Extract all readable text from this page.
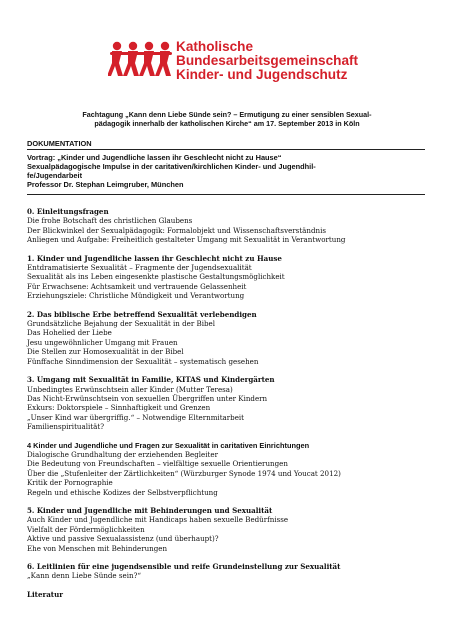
Katholische
Bundesarbeitsgemeinschaft
Kinder- und Jugendschutz
Fachtagung „Kann denn Liebe Sünde sein? – Ermutigung zu einer sensiblen Sexual-
pädagogik innerhalb der katholischen Kirche“ am 17. September 2013 in Köln
DOKUMENTATION
Vortrag: „Kinder und Jugendliche lassen ihr Geschlecht nicht zu Hause“
Sexualpädagogische Impulse in der caritativen/kirchlichen Kinder- und Jugendhil-
fe/Jugendarbeit
Professor Dr. Stephan Leimgruber, München
0. Einleitungsfragen
Die frohe Botschaft des christlichen Glaubens
Der Blickwinkel der Sexualpädagogik: Formalobjekt und Wissenschaftsverständnis
Anliegen und Aufgabe: Freiheitlich gestalteter Umgang mit Sexualität in Verantwortung
1. Kinder und Jugendliche lassen ihr Geschlecht nicht zu Hause
Entdramatisierte Sexualität – Fragmente der Jugendsexualität
Sexualität als ins Leben eingesenkte plastische Gestaltungsmöglichkeit
Für Erwachsene: Achtsamkeit und vertrauende Gelassenheit
Erziehungsziele: Christliche Mündigkeit und Verantwortung
2. Das biblische Erbe betreffend Sexualität verlebendigen
Grundsätzliche Bejahung der Sexualität in der Bibel
Das Hohelied der Liebe
Jesu ungewöhnlicher Umgang mit Frauen
Die Stellen zur Homosexualität in der Bibel
Fünffache Sinndimension der Sexualität – systematisch gesehen
3. Umgang mit Sexualität in Familie, KITAS und Kindergärten
Unbedingtes Erwünschtsein aller Kinder (Mutter Teresa)
Das Nicht-Erwünschtsein von sexuellen Übergriffen unter Kindern
Exkurs: Doktorspiele – Sinnhaftigkeit und Grenzen
„Unser Kind war übergriffig.“ – Notwendige Elternmitarbeit
Familienspiritualität?
4 Kinder und Jugendliche und Fragen zur Sexualität in caritativen Einrichtungen
Dialogische Grundhaltung der erziehenden Begleiter
Die Bedeutung von Freundschaften – vielfältige sexuelle Orientierungen
Über die „Stufenleiter der Zärtlichkeiten“ (Würzburger Synode 1974 und Youcat 2012)
Kritik der Pornographie
Regeln und ethische Kodizes der Selbstverpflichtung
5. Kinder und Jugendliche mit Behinderungen und Sexualität
Auch Kinder und Jugendliche mit Handicaps haben sexuelle Bedürfnisse
Vielfalt der Fördermöglichkeiten
Aktive und passive Sexualassistenz (und überhaupt)?
Ehe von Menschen mit Behinderungen
6. Leitlinien für eine jugendsensible und reife Grundeinstellung zur Sexualität
„Kann denn Liebe Sünde sein?“
Literatur
